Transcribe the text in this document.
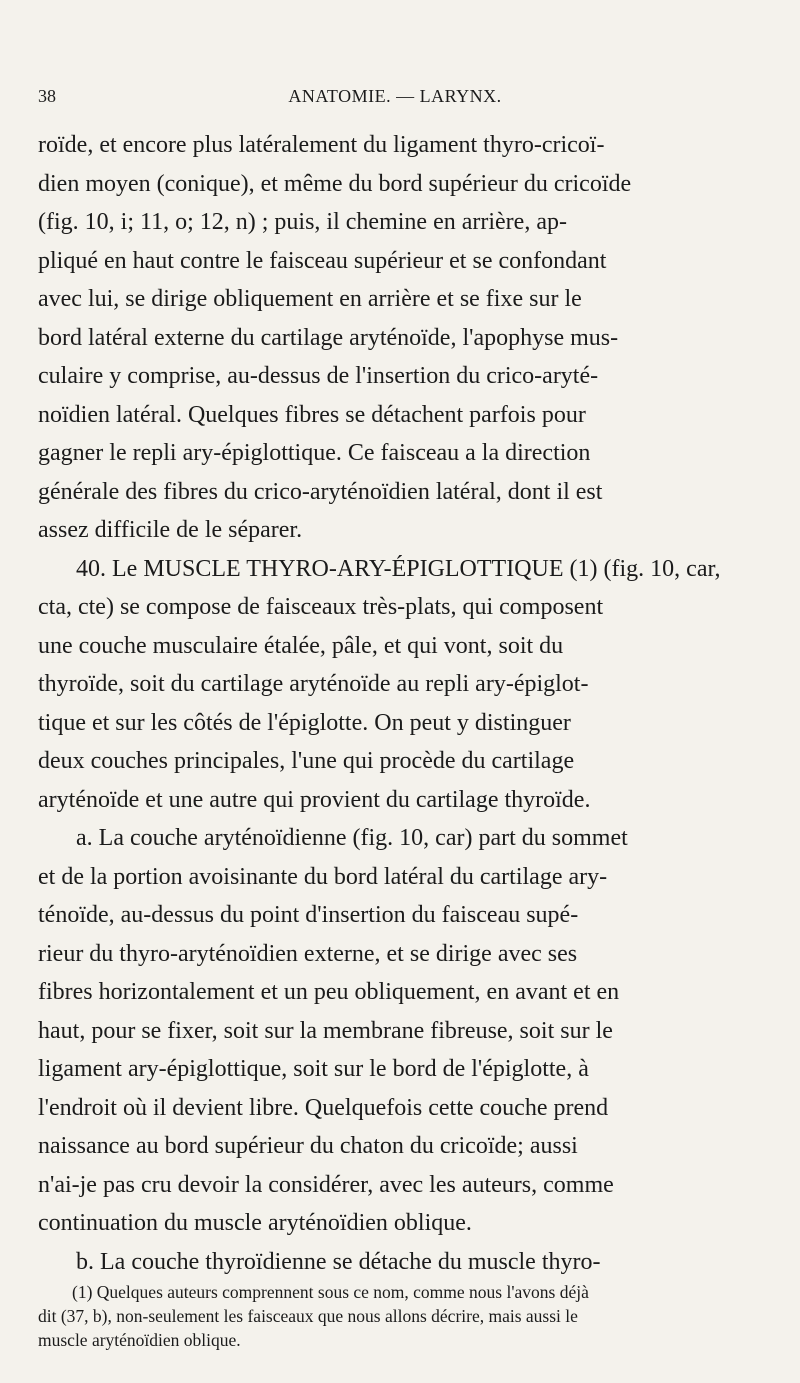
38	ANATOMIE. — LARYNX.
roïde, et encore plus latéralement du ligament thyro-cricoï-
dien moyen (conique), et même du bord supérieur du cricoïde
(fig. 10, i; 11, o; 12, n) ; puis, il chemine en arrière, ap-
pliqué en haut contre le faisceau supérieur et se confondant
avec lui, se dirige obliquement en arrière et se fixe sur le
bord latéral externe du cartilage aryténoïde, l'apophyse mus-
culaire y comprise, au-dessus de l'insertion du crico-aryté-
noïdien latéral. Quelques fibres se détachent parfois pour
gagner le repli ary-épiglottique. Ce faisceau a la direction
générale des fibres du crico-aryténoïdien latéral, dont il est
assez difficile de le séparer.
40. Le MUSCLE THYRO-ARY-ÉPIGLOTTIQUE (1) (fig. 10, car,
cta, cte) se compose de faisceaux très-plats, qui composent
une couche musculaire étalée, pâle, et qui vont, soit du
thyroïde, soit du cartilage aryténoïde au repli ary-épiglot-
tique et sur les côtés de l'épiglotte. On peut y distinguer
deux couches principales, l'une qui procède du cartilage
aryténoïde et une autre qui provient du cartilage thyroïde.
a. La couche aryténoïdienne (fig. 10, car) part du sommet
et de la portion avoisinante du bord latéral du cartilage ary-
ténoïde, au-dessus du point d'insertion du faisceau supé-
rieur du thyro-aryténoïdien externe, et se dirige avec ses
fibres horizontalement et un peu obliquement, en avant et en
haut, pour se fixer, soit sur la membrane fibreuse, soit sur le
ligament ary-épiglottique, soit sur le bord de l'épiglotte, à
l'endroit où il devient libre. Quelquefois cette couche prend
naissance au bord supérieur du chaton du cricoïde; aussi
n'ai-je pas cru devoir la considérer, avec les auteurs, comme
continuation du muscle aryténoïdien oblique.
b. La couche thyroïdienne se détache du muscle thyro-
(1) Quelques auteurs comprennent sous ce nom, comme nous l'avons déjà
dit (37, b), non-seulement les faisceaux que nous allons décrire, mais aussi le
muscle aryténoïdien oblique.
